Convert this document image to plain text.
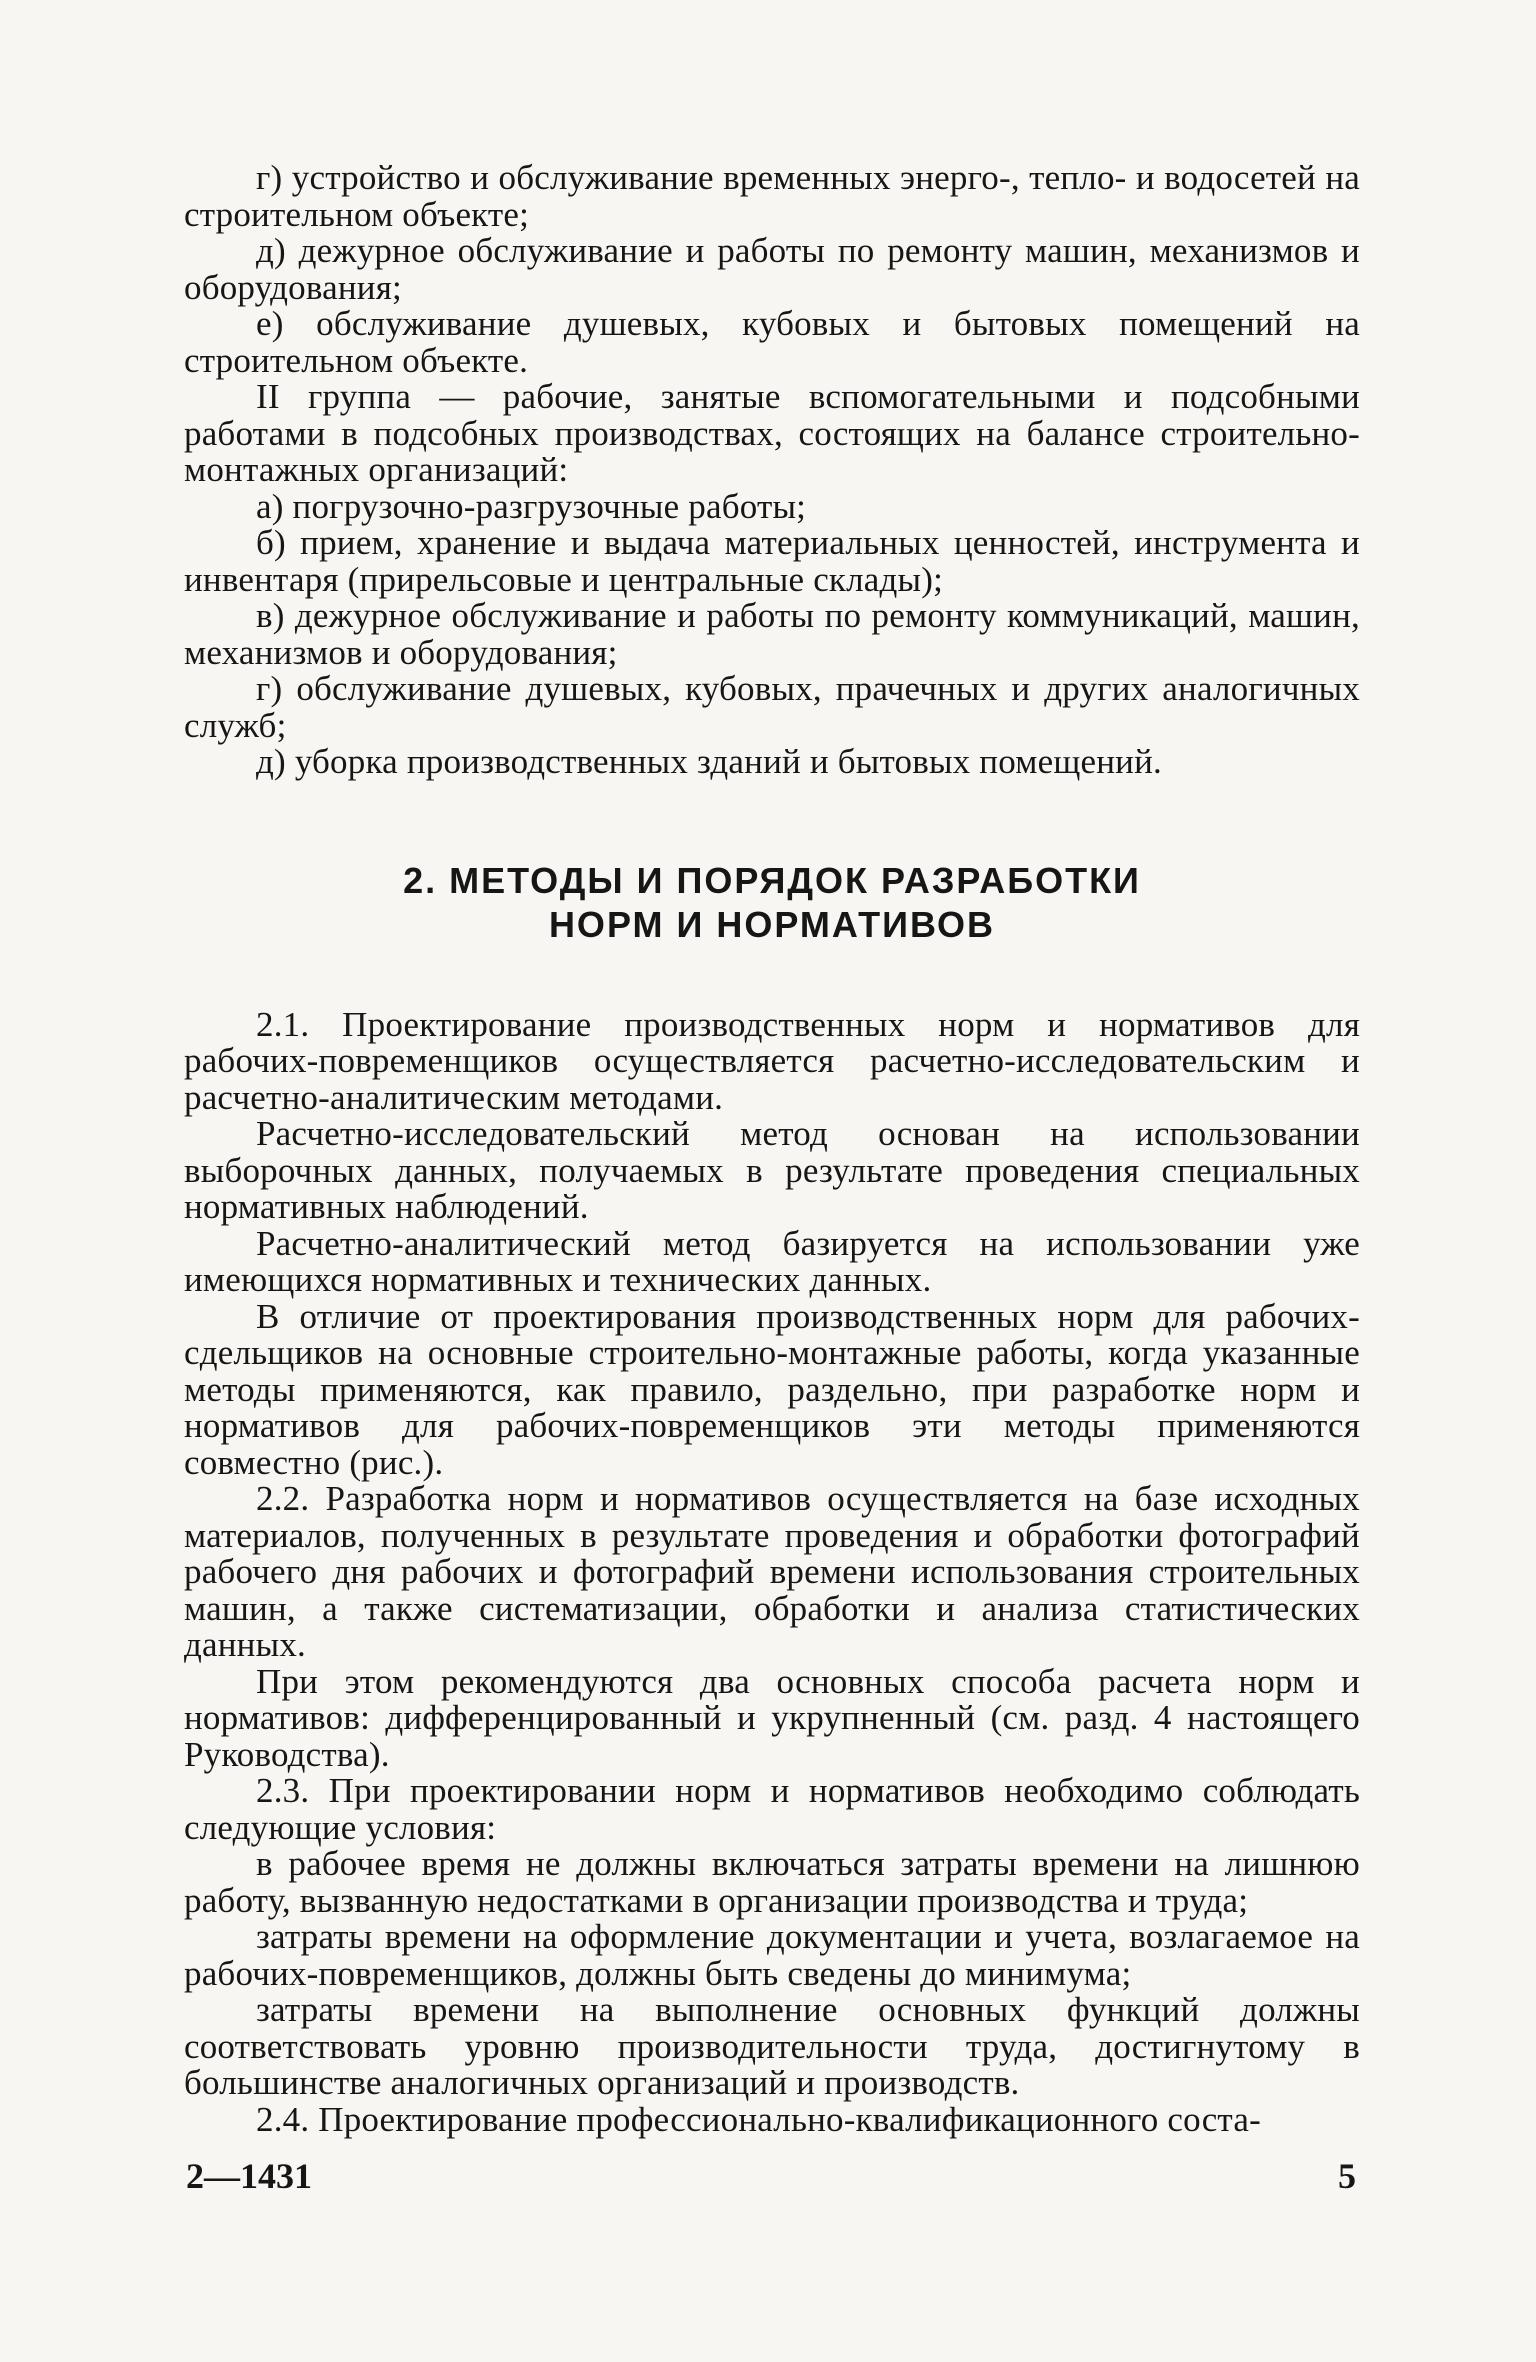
г) устройство и обслуживание временных энерго-, тепло- и водосетей на строительном объекте;

д) дежурное обслуживание и работы по ремонту машин, механизмов и оборудования;

е) обслуживание душевых, кубовых и бытовых помещений на строительном объекте.

II группа — рабочие, занятые вспомогательными и подсобными работами в подсобных производствах, состоящих на балансе строительно-монтажных организаций:

а) погрузочно-разгрузочные работы;

б) прием, хранение и выдача материальных ценностей, инструмента и инвентаря (прирельсовые и центральные склады);

в) дежурное обслуживание и работы по ремонту коммуникаций, машин, механизмов и оборудования;

г) обслуживание душевых, кубовых, прачечных и других аналогичных служб;

д) уборка производственных зданий и бытовых помещений.

2. МЕТОДЫ И ПОРЯДОК РАЗРАБОТКИ
НОРМ И НОРМАТИВОВ

2.1. Проектирование производственных норм и нормативов для рабочих-повременщиков осуществляется расчетно-исследовательским и расчетно-аналитическим методами.

Расчетно-исследовательский метод основан на использовании выборочных данных, получаемых в результате проведения специальных нормативных наблюдений.

Расчетно-аналитический метод базируется на использовании уже имеющихся нормативных и технических данных.

В отличие от проектирования производственных норм для рабочих-сдельщиков на основные строительно-монтажные работы, когда указанные методы применяются, как правило, раздельно, при разработке норм и нормативов для рабочих-повременщиков эти методы применяются совместно (рис.).

2.2. Разработка норм и нормативов осуществляется на базе исходных материалов, полученных в результате проведения и обработки фотографий рабочего дня рабочих и фотографий времени использования строительных машин, а также систематизации, обработки и анализа статистических данных.

При этом рекомендуются два основных способа расчета норм и нормативов: дифференцированный и укрупненный (см. разд. 4 настоящего Руководства).

2.3. При проектировании норм и нормативов необходимо соблюдать следующие условия:

в рабочее время не должны включаться затраты времени на лишнюю работу, вызванную недостатками в организации производства и труда;

затраты времени на оформление документации и учета, возлагаемое на рабочих-повременщиков, должны быть сведены до минимума;

затраты времени на выполнение основных функций должны соответствовать уровню производительности труда, достигнутому в большинстве аналогичных организаций и производств.

2.4. Проектирование профессионально-квалификационного соста-

2—1431	5
